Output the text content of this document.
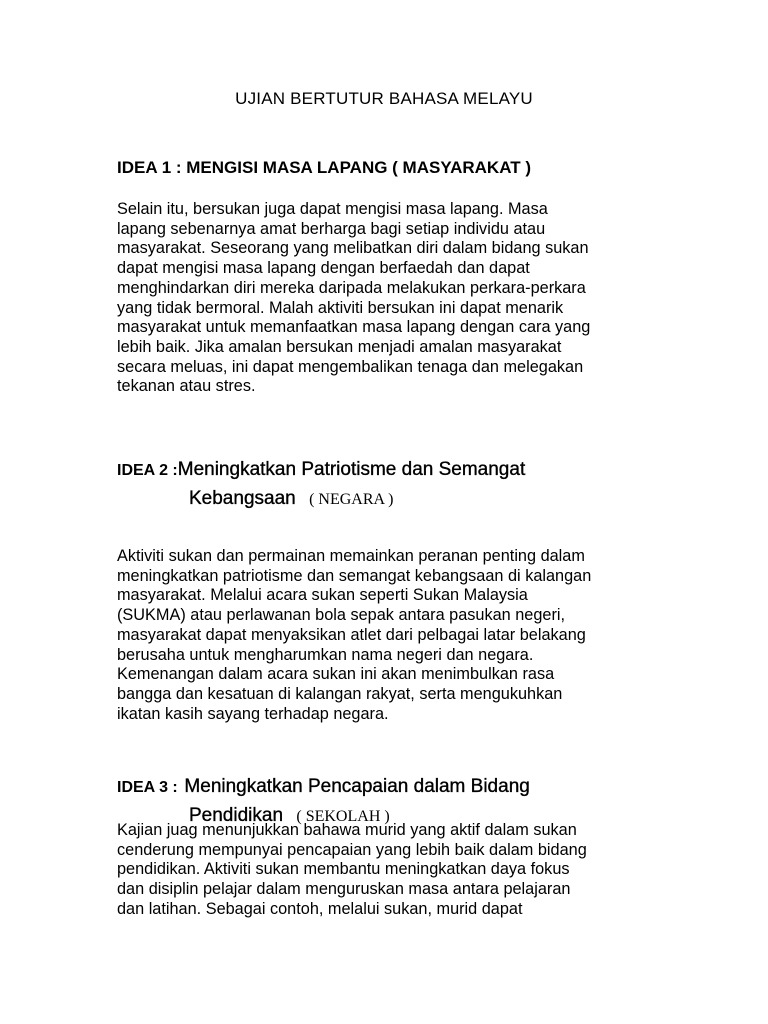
UJIAN BERTUTUR BAHASA MELAYU
IDEA 1 : MENGISI MASA LAPANG ( MASYARAKAT )

Selain itu, bersukan juga dapat mengisi masa lapang. Masa
lapang sebenarnya amat berharga bagi setiap individu atau
masyarakat. Seseorang yang melibatkan diri dalam bidang sukan
dapat mengisi masa lapang dengan berfaedah dan dapat
menghindarkan diri mereka daripada melakukan perkara-perkara
yang tidak bermoral. Malah aktiviti bersukan ini dapat menarik
masyarakat untuk memanfaatkan masa lapang dengan cara yang
lebih baik. Jika amalan bersukan menjadi amalan masyarakat
secara meluas, ini dapat mengembalikan tenaga dan melegakan
tekanan atau stres.

IDEA 2 :Meningkatkan Patriotisme dan Semangat
Kebangsaan ( NEGARA )

Aktiviti sukan dan permainan memainkan peranan penting dalam
meningkatkan patriotisme dan semangat kebangsaan di kalangan
masyarakat. Melalui acara sukan seperti Sukan Malaysia
(SUKMA) atau perlawanan bola sepak antara pasukan negeri,
masyarakat dapat menyaksikan atlet dari pelbagai latar belakang
berusaha untuk mengharumkan nama negeri dan negara.
Kemenangan dalam acara sukan ini akan menimbulkan rasa
bangga dan kesatuan di kalangan rakyat, serta mengukuhkan
ikatan kasih sayang terhadap negara.

IDEA 3 : Meningkatkan Pencapaian dalam Bidang
Pendidikan ( SEKOLAH )

Kajian juag menunjukkan bahawa murid yang aktif dalam sukan
cenderung mempunyai pencapaian yang lebih baik dalam bidang
pendidikan. Aktiviti sukan membantu meningkatkan daya fokus
dan disiplin pelajar dalam menguruskan masa antara pelajaran
dan latihan. Sebagai contoh, melalui sukan, murid dapat
